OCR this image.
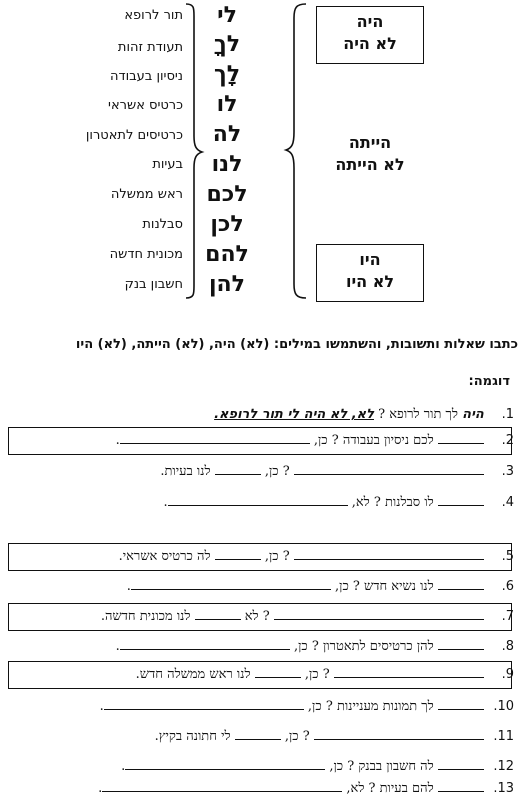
תור לרופא
תעודת זהות
ניסיון בעבודה
כרטיס אשראי
כרטיסים לתאטרון
בעיות
ראש ממשלה
סבלנות
מכונית חדשה
חשבון בנק
לי
לךָ
לָך
לו
לה
לנו
לכם
לכן
להם
להן
היה
לא היה
הייתה
לא הייתה
היו
לא היו
כתבו שאלות ותשובות, והשתמשו במילים: (לא) היה, (לא) הייתה, (לא) היו
דוגמה:
1. היה לך תור לרופא ? לא, לא היה לי תור לרופא.
2.  לכם ניסיון בעבודה ? כן, .
3.  ? כן,  לנו בעיות.
4.  לו סבלנות ? לא, .
5.  ? כן,  לה כרטיס אשראי.
6.  לנו נשיא חדש ? כן, .
7.  ? לא  לנו מכונית חדשה.
8.  להן כרטיסים לתאטרון ? כן, .
9.  ? כן,  לנו ראש ממשלה חדש.
10.  לך תמונות מעניינות ? כן, .
11.  ? כן,  לי חתונה בקיץ.
12.  לה חשבון בבנק ? כן, .
13.  להם בעיות ? לא, .
